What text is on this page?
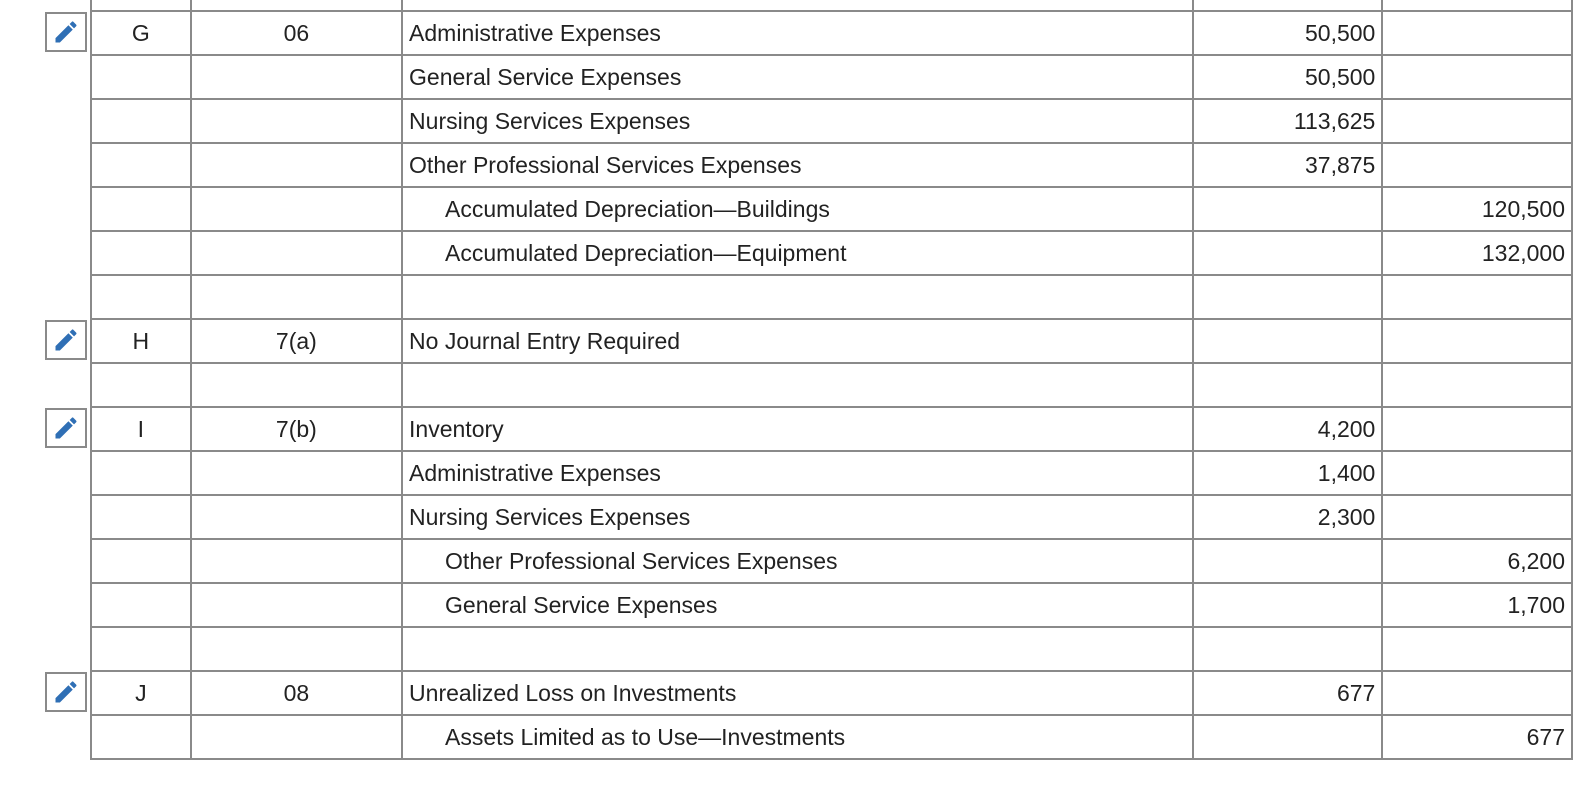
G	06	Administrative Expenses	50,500	
		General Service Expenses	50,500	
		Nursing Services Expenses	113,625	
		Other Professional Services Expenses	37,875	
		Accumulated Depreciation—Buildings		120,500
		Accumulated Depreciation—Equipment		132,000

H	7(a)	No Journal Entry Required		

I	7(b)	Inventory	4,200	
		Administrative Expenses	1,400	
		Nursing Services Expenses	2,300	
		Other Professional Services Expenses		6,200
		General Service Expenses		1,700

J	08	Unrealized Loss on Investments	677	
		Assets Limited as to Use—Investments		677
